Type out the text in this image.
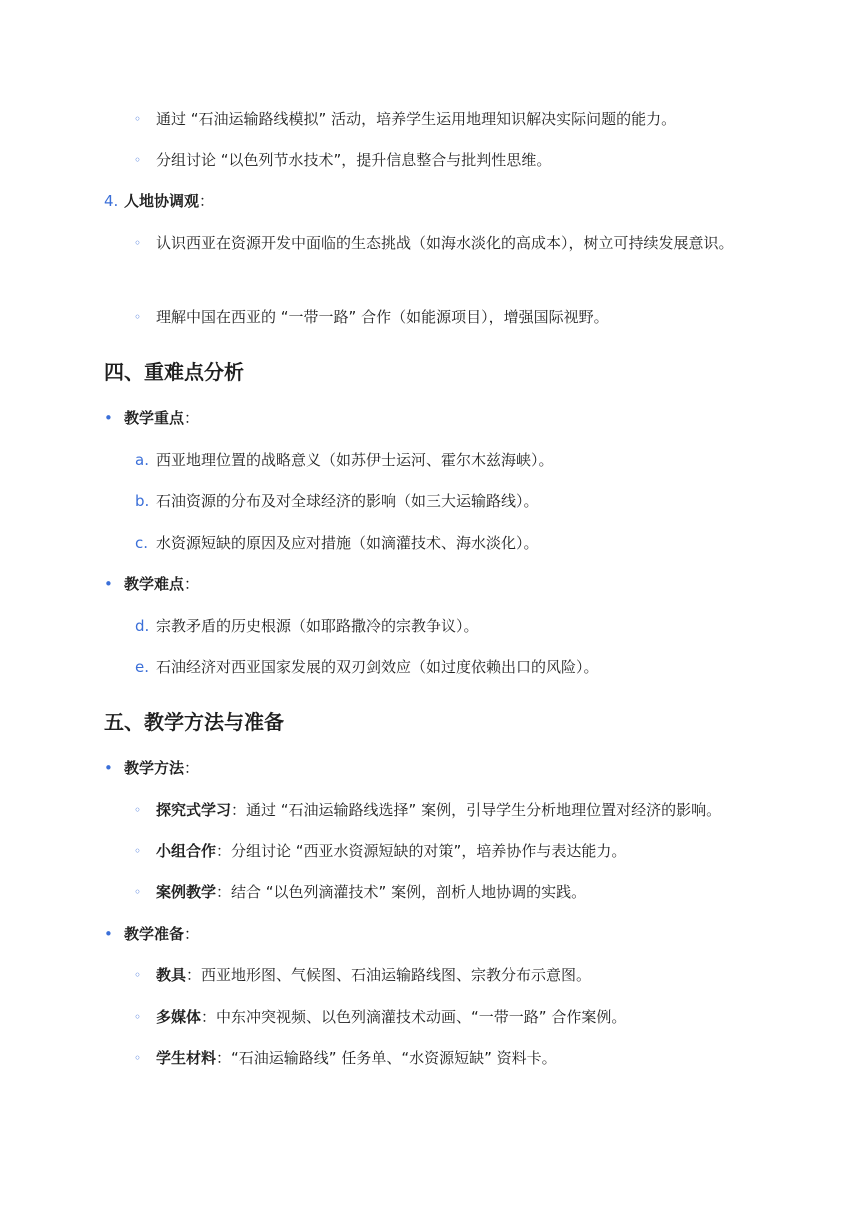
◦ 通过 “石油运输路线模拟” 活动，培养学生运用地理知识解决实际问题的能力。
◦ 分组讨论 “以色列节水技术”，提升信息整合与批判性思维。
4. 人地协调观：
◦ 认识西亚在资源开发中面临的生态挑战（如海水淡化的高成本），树立可持续发展意识。
◦ 理解中国在西亚的 “一带一路” 合作（如能源项目），增强国际视野。
四、重难点分析
• 教学重点：
a. 西亚地理位置的战略意义（如苏伊士运河、霍尔木兹海峡）。
b. 石油资源的分布及对全球经济的影响（如三大运输路线）。
c. 水资源短缺的原因及应对措施（如滴灌技术、海水淡化）。
• 教学难点：
d. 宗教矛盾的历史根源（如耶路撒冷的宗教争议）。
e. 石油经济对西亚国家发展的双刃剑效应（如过度依赖出口的风险）。
五、教学方法与准备
• 教学方法：
◦ 探究式学习：通过 “石油运输路线选择” 案例，引导学生分析地理位置对经济的影响。
◦ 小组合作：分组讨论 “西亚水资源短缺的对策”，培养协作与表达能力。
◦ 案例教学：结合 “以色列滴灌技术” 案例，剖析人地协调的实践。
• 教学准备：
◦ 教具：西亚地形图、气候图、石油运输路线图、宗教分布示意图。
◦ 多媒体：中东冲突视频、以色列滴灌技术动画、“一带一路” 合作案例。
◦ 学生材料：“石油运输路线” 任务单、“水资源短缺” 资料卡。
